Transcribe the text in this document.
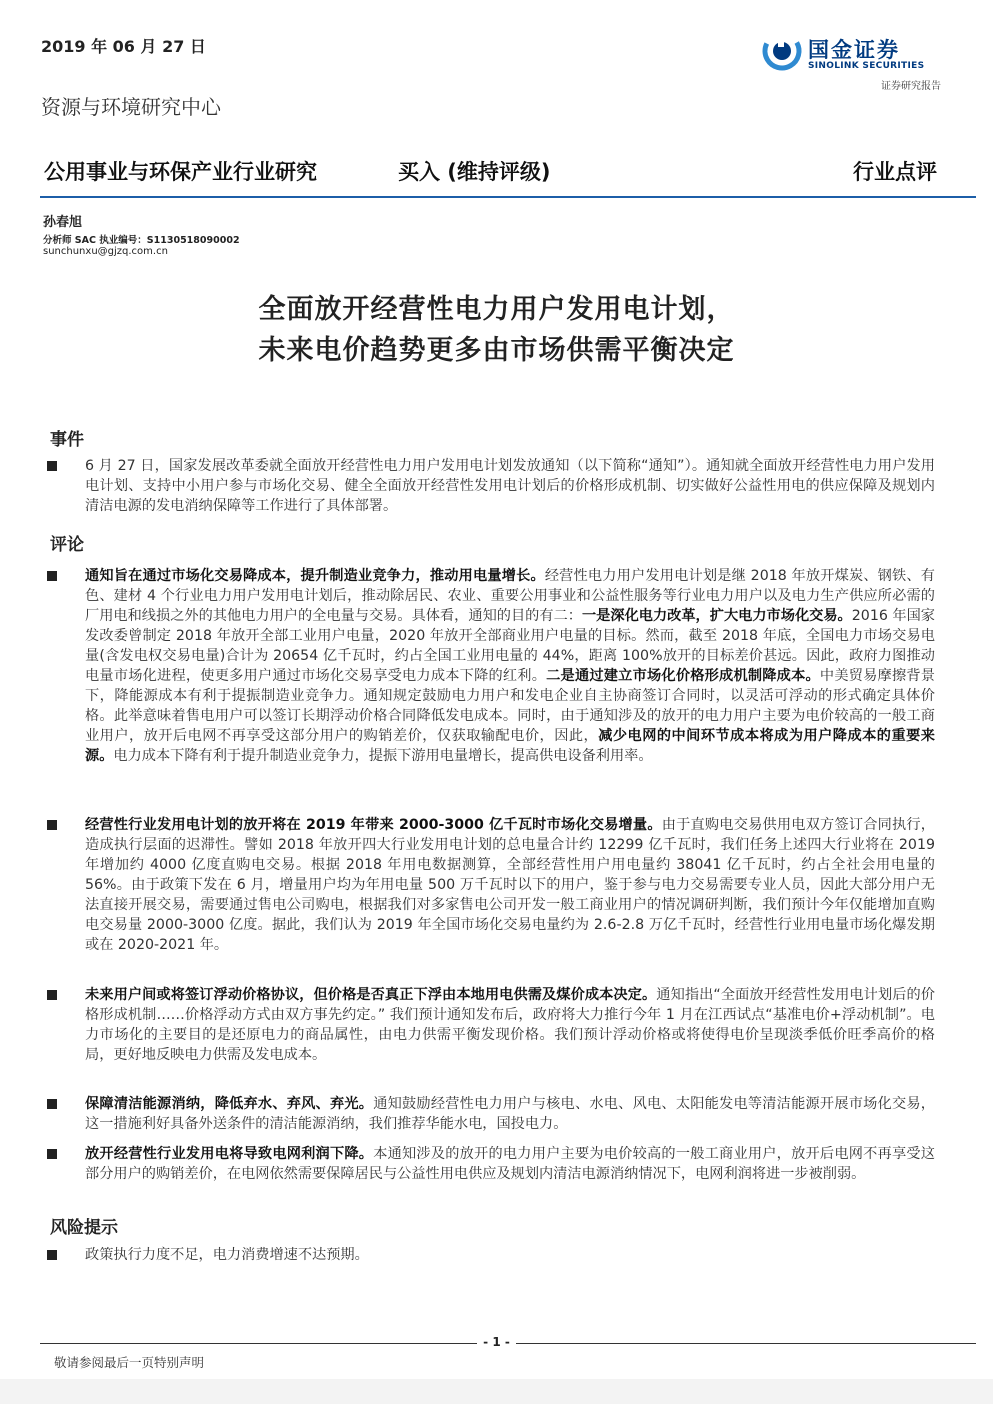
2019 年 06 月 27 日	国金证券
SINOLINK SECURITIES
证券研究报告
资源与环境研究中心
公用事业与环保产业行业研究	买入 (维持评级)	行业点评
孙春旭
分析师 SAC 执业编号：S1130518090002
sunchunxu@gjzq.com.cn
全面放开经营性电力用户发用电计划，
未来电价趋势更多由市场供需平衡决定
事件
6 月 27 日，国家发展改革委就全面放开经营性电力用户发用电计划发放通知（以下简称“通知”）。通知就全面放开经营性电力用户发用电计划、支持中小用户参与市场化交易、健全全面放开经营性发用电计划后的价格形成机制、切实做好公益性用电的供应保障及规划内清洁电源的发电消纳保障等工作进行了具体部署。
评论
通知旨在通过市场化交易降成本，提升制造业竞争力，推动用电量增长。经营性电力用户发用电计划是继 2018 年放开煤炭、钢铁、有色、建材 4 个行业电力用户发用电计划后，推动除居民、农业、重要公用事业和公益性服务等行业电力用户以及电力生产供应所必需的厂用电和线损之外的其他电力用户的全电量与交易。具体看，通知的目的有二：一是深化电力改革，扩大电力市场化交易。2016 年国家发改委曾制定 2018 年放开全部工业用户电量，2020 年放开全部商业用户电量的目标。然而，截至 2018 年底，全国电力市场交易电量(含发电权交易电量)合计为 20654 亿千瓦时，约占全国工业用电量的 44%，距离 100%放开的目标差价甚远。因此，政府力图推动电量市场化进程，使更多用户通过市场化交易享受电力成本下降的红利。二是通过建立市场化价格形成机制降成本。中美贸易摩擦背景下，降能源成本有利于提振制造业竞争力。通知规定鼓励电力用户和发电企业自主协商签订合同时，以灵活可浮动的形式确定具体价格。此举意味着售电用户可以签订长期浮动价格合同降低发电成本。同时，由于通知涉及的放开的电力用户主要为电价较高的一般工商业用户，放开后电网不再享受这部分用户的购销差价，仅获取输配电价，因此，减少电网的中间环节成本将成为用户降成本的重要来源。电力成本下降有利于提升制造业竞争力，提振下游用电量增长，提高供电设备利用率。
经营性行业发用电计划的放开将在 2019 年带来 2000-3000 亿千瓦时市场化交易增量。由于直购电交易供用电双方签订合同执行，造成执行层面的迟滞性。譬如 2018 年放开四大行业发用电计划的总电量合计约 12299 亿千瓦时，我们任务上述四大行业将在 2019 年增加约 4000 亿度直购电交易。根据 2018 年用电数据测算，全部经营性用户用电量约 38041 亿千瓦时，约占全社会用电量的 56%。由于政策下发在 6 月，增量用户均为年用电量 500 万千瓦时以下的用户，鉴于参与电力交易需要专业人员，因此大部分用户无法直接开展交易，需要通过售电公司购电，根据我们对多家售电公司开发一般工商业用户的情况调研判断，我们预计今年仅能增加直购电交易量 2000-3000 亿度。据此，我们认为 2019 年全国市场化交易电量约为 2.6-2.8 万亿千瓦时，经营性行业用电量市场化爆发期或在 2020-2021 年。
未来用户间或将签订浮动价格协议，但价格是否真正下浮由本地用电供需及煤价成本决定。通知指出“全面放开经营性发用电计划后的价格形成机制……价格浮动方式由双方事先约定。” 我们预计通知发布后，政府将大力推行今年 1 月在江西试点“基准电价+浮动机制”。电力市场化的主要目的是还原电力的商品属性，由电力供需平衡发现价格。我们预计浮动价格或将使得电价呈现淡季低价旺季高价的格局，更好地反映电力供需及发电成本。
保障清洁能源消纳，降低弃水、弃风、弃光。通知鼓励经营性电力用户与核电、水电、风电、太阳能发电等清洁能源开展市场化交易，这一措施利好具备外送条件的清洁能源消纳，我们推荐华能水电，国投电力。
放开经营性行业发用电将导致电网利润下降。本通知涉及的放开的电力用户主要为电价较高的一般工商业用户，放开后电网不再享受这部分用户的购销差价，在电网依然需要保障居民与公益性用电供应及规划内清洁电源消纳情况下，电网利润将进一步被削弱。
风险提示
政策执行力度不足，电力消费增速不达预期。
- 1 -
敬请参阅最后一页特别声明
